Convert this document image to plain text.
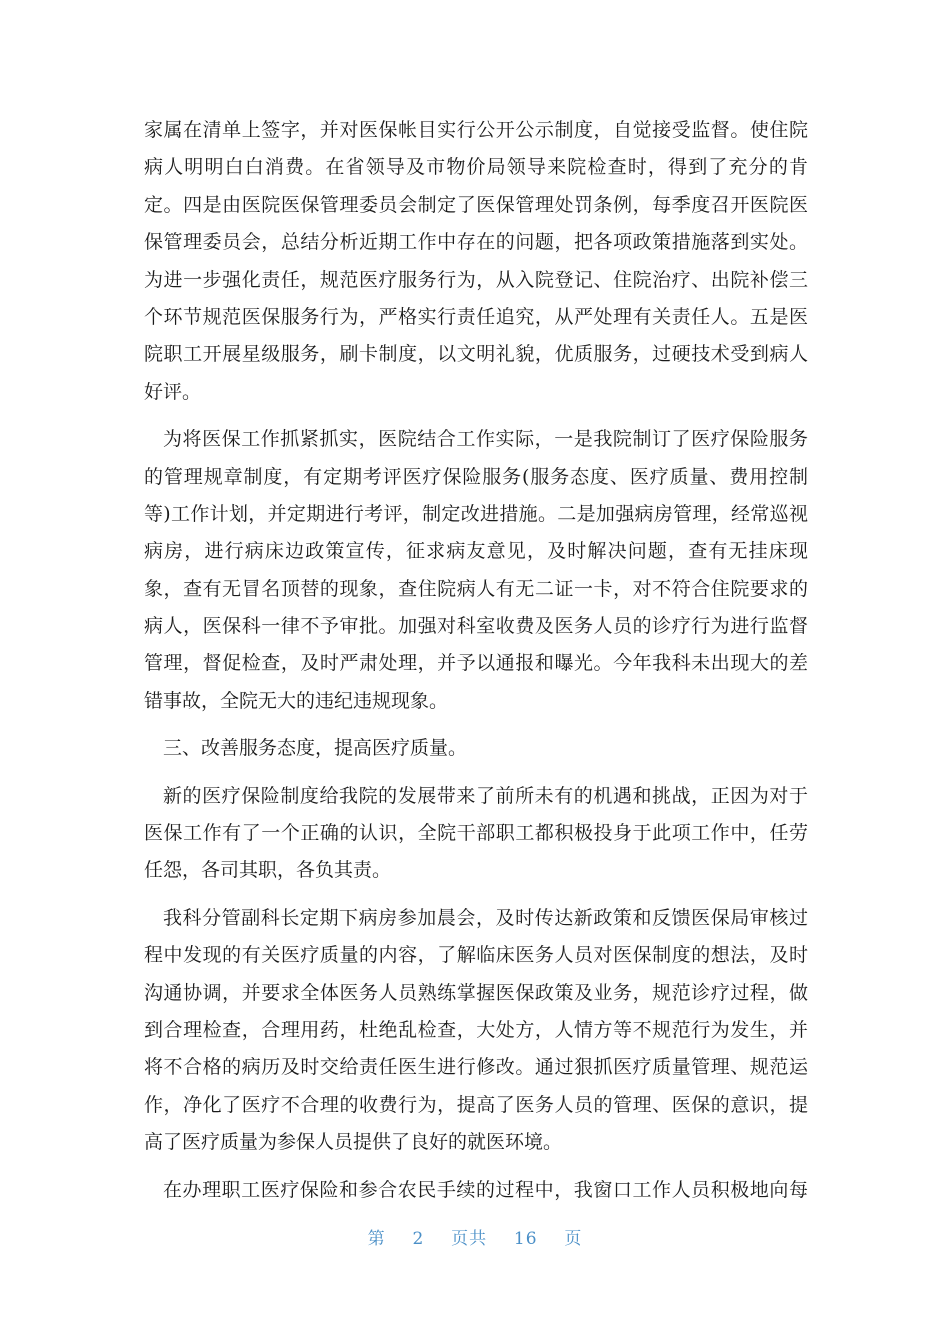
家属在清单上签字，并对医保帐目实行公开公示制度，自觉接受监督。使住院
病人明明白白消费。在省领导及市物价局领导来院检查时，得到了充分的肯
定。四是由医院医保管理委员会制定了医保管理处罚条例，每季度召开医院医
保管理委员会，总结分析近期工作中存在的问题，把各项政策措施落到实处。
为进一步强化责任，规范医疗服务行为，从入院登记、住院治疗、出院补偿三
个环节规范医保服务行为，严格实行责任追究，从严处理有关责任人。五是医
院职工开展星级服务，刷卡制度，以文明礼貌，优质服务，过硬技术受到病人
好评。
为将医保工作抓紧抓实，医院结合工作实际，一是我院制订了医疗保险服务
的管理规章制度，有定期考评医疗保险服务(服务态度、医疗质量、费用控制
等)工作计划，并定期进行考评，制定改进措施。二是加强病房管理，经常巡视
病房，进行病床边政策宣传，征求病友意见，及时解决问题，查有无挂床现
象，查有无冒名顶替的现象，查住院病人有无二证一卡，对不符合住院要求的
病人，医保科一律不予审批。加强对科室收费及医务人员的诊疗行为进行监督
管理，督促检查，及时严肃处理，并予以通报和曝光。今年我科未出现大的差
错事故，全院无大的违纪违规现象。
三、改善服务态度，提高医疗质量。
新的医疗保险制度给我院的发展带来了前所未有的机遇和挑战，正因为对于
医保工作有了一个正确的认识，全院干部职工都积极投身于此项工作中，任劳
任怨，各司其职，各负其责。
我科分管副科长定期下病房参加晨会，及时传达新政策和反馈医保局审核过
程中发现的有关医疗质量的内容，了解临床医务人员对医保制度的想法，及时
沟通协调，并要求全体医务人员熟练掌握医保政策及业务，规范诊疗过程，做
到合理检查，合理用药，杜绝乱检查，大处方，人情方等不规范行为发生，并
将不合格的病历及时交给责任医生进行修改。通过狠抓医疗质量管理、规范运
作，净化了医疗不合理的收费行为，提高了医务人员的管理、医保的意识，提
高了医疗质量为参保人员提供了良好的就医环境。
在办理职工医疗保险和参合农民手续的过程中，我窗口工作人员积极地向每
第 2 页共 16 页
